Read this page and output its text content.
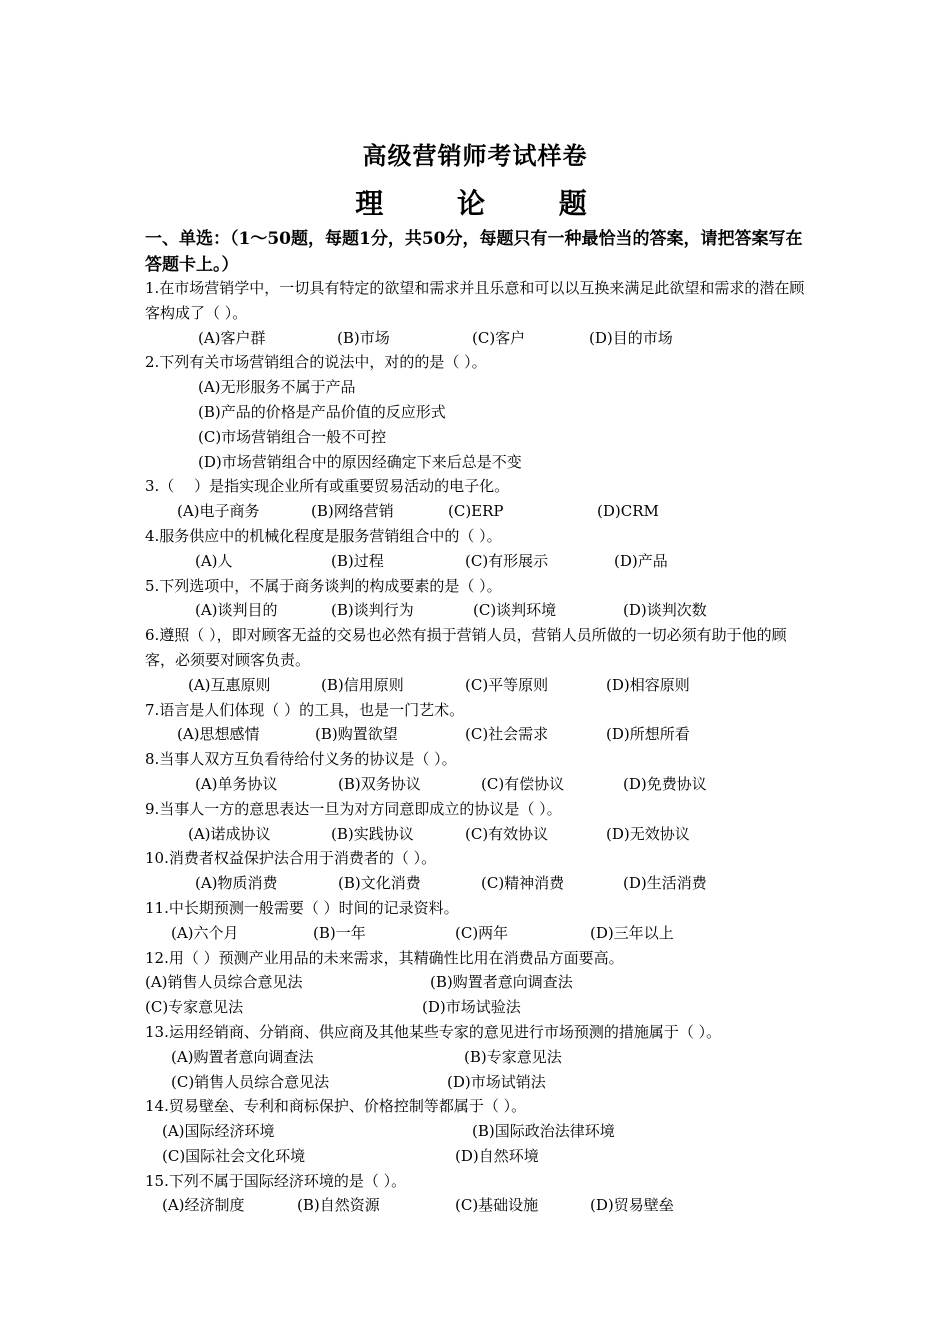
高级营销师考试样卷
理 论 题
一、单选：（1～50题，每题1分，共50分，每题只有一种最恰当的答案，请把答案写在答题卡上。）
1.在市场营销学中，一切具有特定的欲望和需求并且乐意和可以以互换来满足此欲望和需求的潜在顾客构成了（ ）。
(A)客户群	(B)市场	(C)客户	(D)目的市场
2.下列有关市场营销组合的说法中，对的的是（ ）。
(A)无形服务不属于产品
(B)产品的价格是产品价值的反应形式
(C)市场营销组合一般不可控
(D)市场营销组合中的原因经确定下来后总是不变
3.（　 ）是指实现企业所有或重要贸易活动的电子化。
(A)电子商务	(B)网络营销	(C)ERP	(D)CRM
4.服务供应中的机械化程度是服务营销组合中的（ ）。
(A)人	(B)过程	(C)有形展示	(D)产品
5.下列选项中，不属于商务谈判的构成要素的是（ ）。
(A)谈判目的	(B)谈判行为	(C)谈判环境	(D)谈判次数
6.遵照（ ），即对顾客无益的交易也必然有损于营销人员，营销人员所做的一切必须有助于他的顾客，必须要对顾客负责。
(A)互惠原则	(B)信用原则	(C)平等原则	(D)相容原则
7.语言是人们体现（ ）的工具，也是一门艺术。
(A)思想感情	(B)购置欲望	(C)社会需求	(D)所想所看
8.当事人双方互负看待给付义务的协议是（ ）。
(A)单务协议	(B)双务协议	(C)有偿协议	(D)免费协议
9.当事人一方的意思表达一旦为对方同意即成立的协议是（ ）。
(A)诺成协议	(B)实践协议	(C)有效协议	(D)无效协议
10.消费者权益保护法合用于消费者的（ ）。
(A)物质消费	(B)文化消费	(C)精神消费	(D)生活消费
11.中长期预测一般需要（ ）时间的记录资料。
(A)六个月	(B)一年	(C)两年	(D)三年以上
12.用（ ）预测产业用品的未来需求，其精确性比用在消费品方面要高。
(A)销售人员综合意见法	(B)购置者意向调查法
(C)专家意见法	(D)市场试验法
13.运用经销商、分销商、供应商及其他某些专家的意见进行市场预测的措施属于（ ）。
(A)购置者意向调查法	(B)专家意见法
(C)销售人员综合意见法	(D)市场试销法
14.贸易壁垒、专利和商标保护、价格控制等都属于（ ）。
(A)国际经济环境	(B)国际政治法律环境
(C)国际社会文化环境	(D)自然环境
15.下列不属于国际经济环境的是（ ）。
(A)经济制度	(B)自然资源	(C)基础设施	(D)贸易壁垒
